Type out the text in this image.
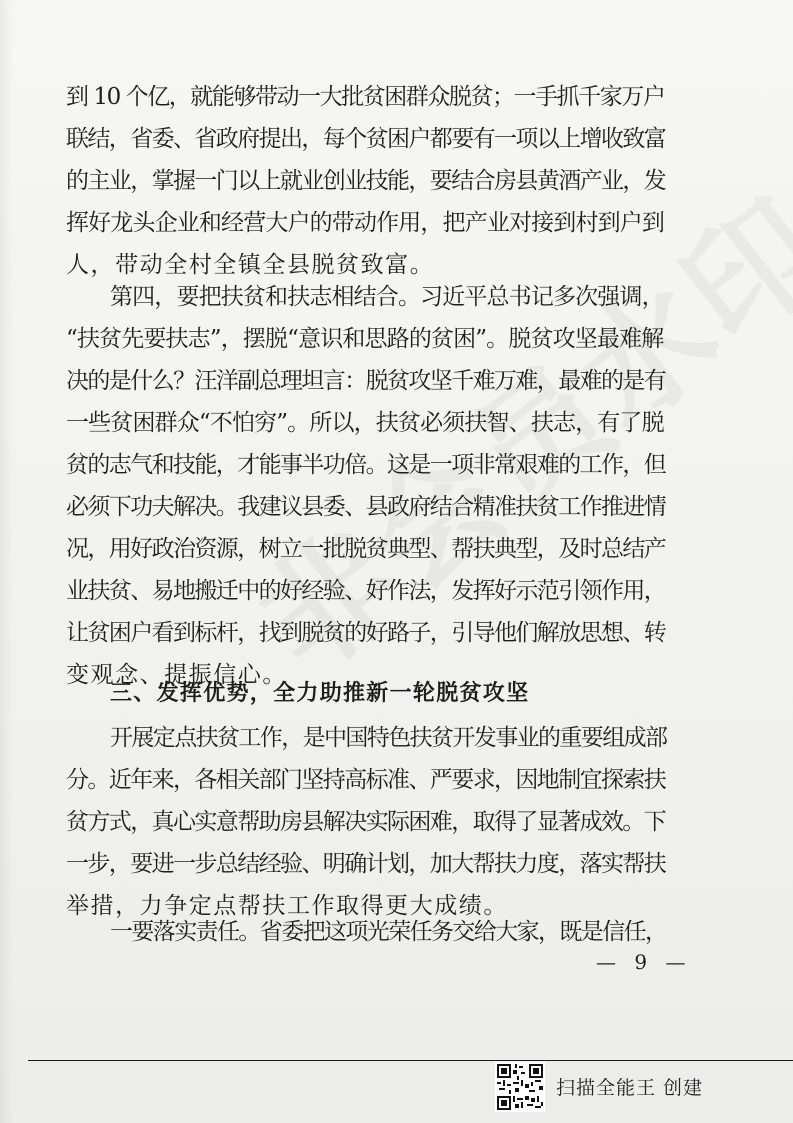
到 10 个亿，就能够带动一大批贫困群众脱贫；一手抓千家万户
联结，省委、省政府提出，每个贫困户都要有一项以上增收致富
的主业，掌握一门以上就业创业技能，要结合房县黄酒产业，发
挥好龙头企业和经营大户的带动作用，把产业对接到村到户到
人，带动全村全镇全县脱贫致富。
第四，要把扶贫和扶志相结合。习近平总书记多次强调，
“扶贫先要扶志”，摆脱“意识和思路的贫困”。脱贫攻坚最难解
决的是什么？汪洋副总理坦言：脱贫攻坚千难万难，最难的是有
一些贫困群众“不怕穷”。所以，扶贫必须扶智、扶志，有了脱
贫的志气和技能，才能事半功倍。这是一项非常艰难的工作，但
必须下功夫解决。我建议县委、县政府结合精准扶贫工作推进情
况，用好政治资源，树立一批脱贫典型、帮扶典型，及时总结产
业扶贫、易地搬迁中的好经验、好作法，发挥好示范引领作用，
让贫困户看到标杆，找到脱贫的好路子，引导他们解放思想、转
变观念、提振信心。
三、发挥优势，全力助推新一轮脱贫攻坚
开展定点扶贫工作，是中国特色扶贫开发事业的重要组成部
分。近年来，各相关部门坚持高标准、严要求，因地制宜探索扶
贫方式，真心实意帮助房县解决实际困难，取得了显著成效。下
一步，要进一步总结经验、明确计划，加大帮扶力度，落实帮扶
举措，力争定点帮扶工作取得更大成绩。
一要落实责任。省委把这项光荣任务交给大家，既是信任，
— 9 —
扫描全能王 创建
